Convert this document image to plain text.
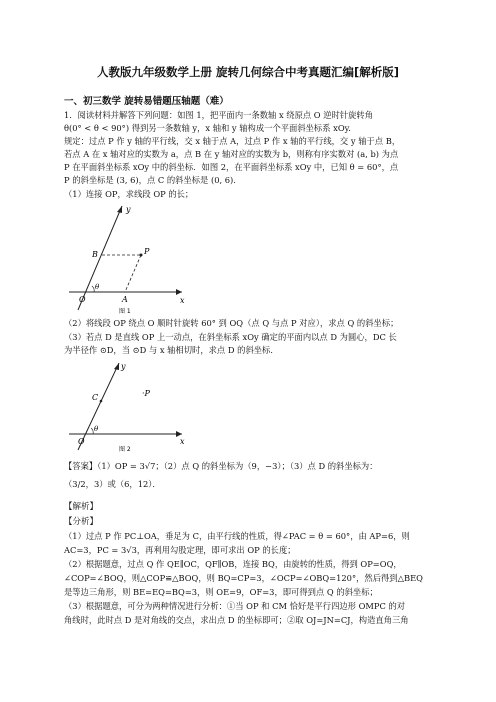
人教版九年级数学上册 旋转几何综合中考真题汇编[解析版]
一、初三数学 旋转易错题压轴题（难）
1．阅读材料并解答下列问题：如图 1，把平面内一条数轴 x 绕原点 O 逆时针旋转角
θ(0° < θ < 90°) 得到另一条数轴 y，x 轴和 y 轴构成一个平面斜坐标系 xOy.
规定：过点 P 作 y 轴的平行线，交 x 轴于点 A，过点 P 作 x 轴的平行线，交 y 轴于点 B，
若点 A 在 x 轴对应的实数为 a，点 B 在 y 轴对应的实数为 b，则称有序实数对 (a, b) 为点
P 在平面斜坐标系 xOy 中的斜坐标．如图 2，在平面斜坐标系 xOy 中，已知 θ = 60°，点
P 的斜坐标是 (3, 6)，点 C 的斜坐标是 (0, 6).
（1）连接 OP，求线段 OP 的长；
y
x
P
B
O	A
θ
图 1
（2）将线段 OP 绕点 O 顺时针旋转 60° 到 OQ（点 Q 与点 P 对应），求点 Q 的斜坐标；
（3）若点 D 是直线 OP 上一动点，在斜坐标系 xOy 确定的平面内以点 D 为圆心，DC 长
为半径作 ⊙D，当 ⊙D 与 x 轴相切时，求点 D 的斜坐标．
y
x
C	·P
O
θ
图 2
【答案】（1）OP = 3√7；（2）点 Q 的斜坐标为（9，−3）；（3）点 D 的斜坐标为：
（3/2，3）或（6，12）．
【解析】
【分析】
（1）过点 P 作 PC⊥OA，垂足为 C，由平行线的性质，得∠PAC = θ = 60°，由 AP=6，则
AC=3，PC = 3√3，再利用勾股定理，即可求出 OP 的长度；
（2）根据题意，过点 Q 作 QE∥OC，QF∥OB，连接 BQ，由旋转的性质，得到 OP=OQ，
∠COP=∠BOQ，则△COP≌△BOQ，则 BQ=CP=3，∠OCP=∠OBQ=120°，然后得到△BEQ
是等边三角形，则 BE=EQ=BQ=3，则 OE=9，OF=3，即可得到点 Q 的斜坐标；
（3）根据题意，可分为两种情况进行分析：①当 OP 和 CM 恰好是平行四边形 OMPC 的对
角线时，此时点 D 是对角线的交点，求出点 D 的坐标即可；②取 OJ=JN=CJ，构造直角三角
